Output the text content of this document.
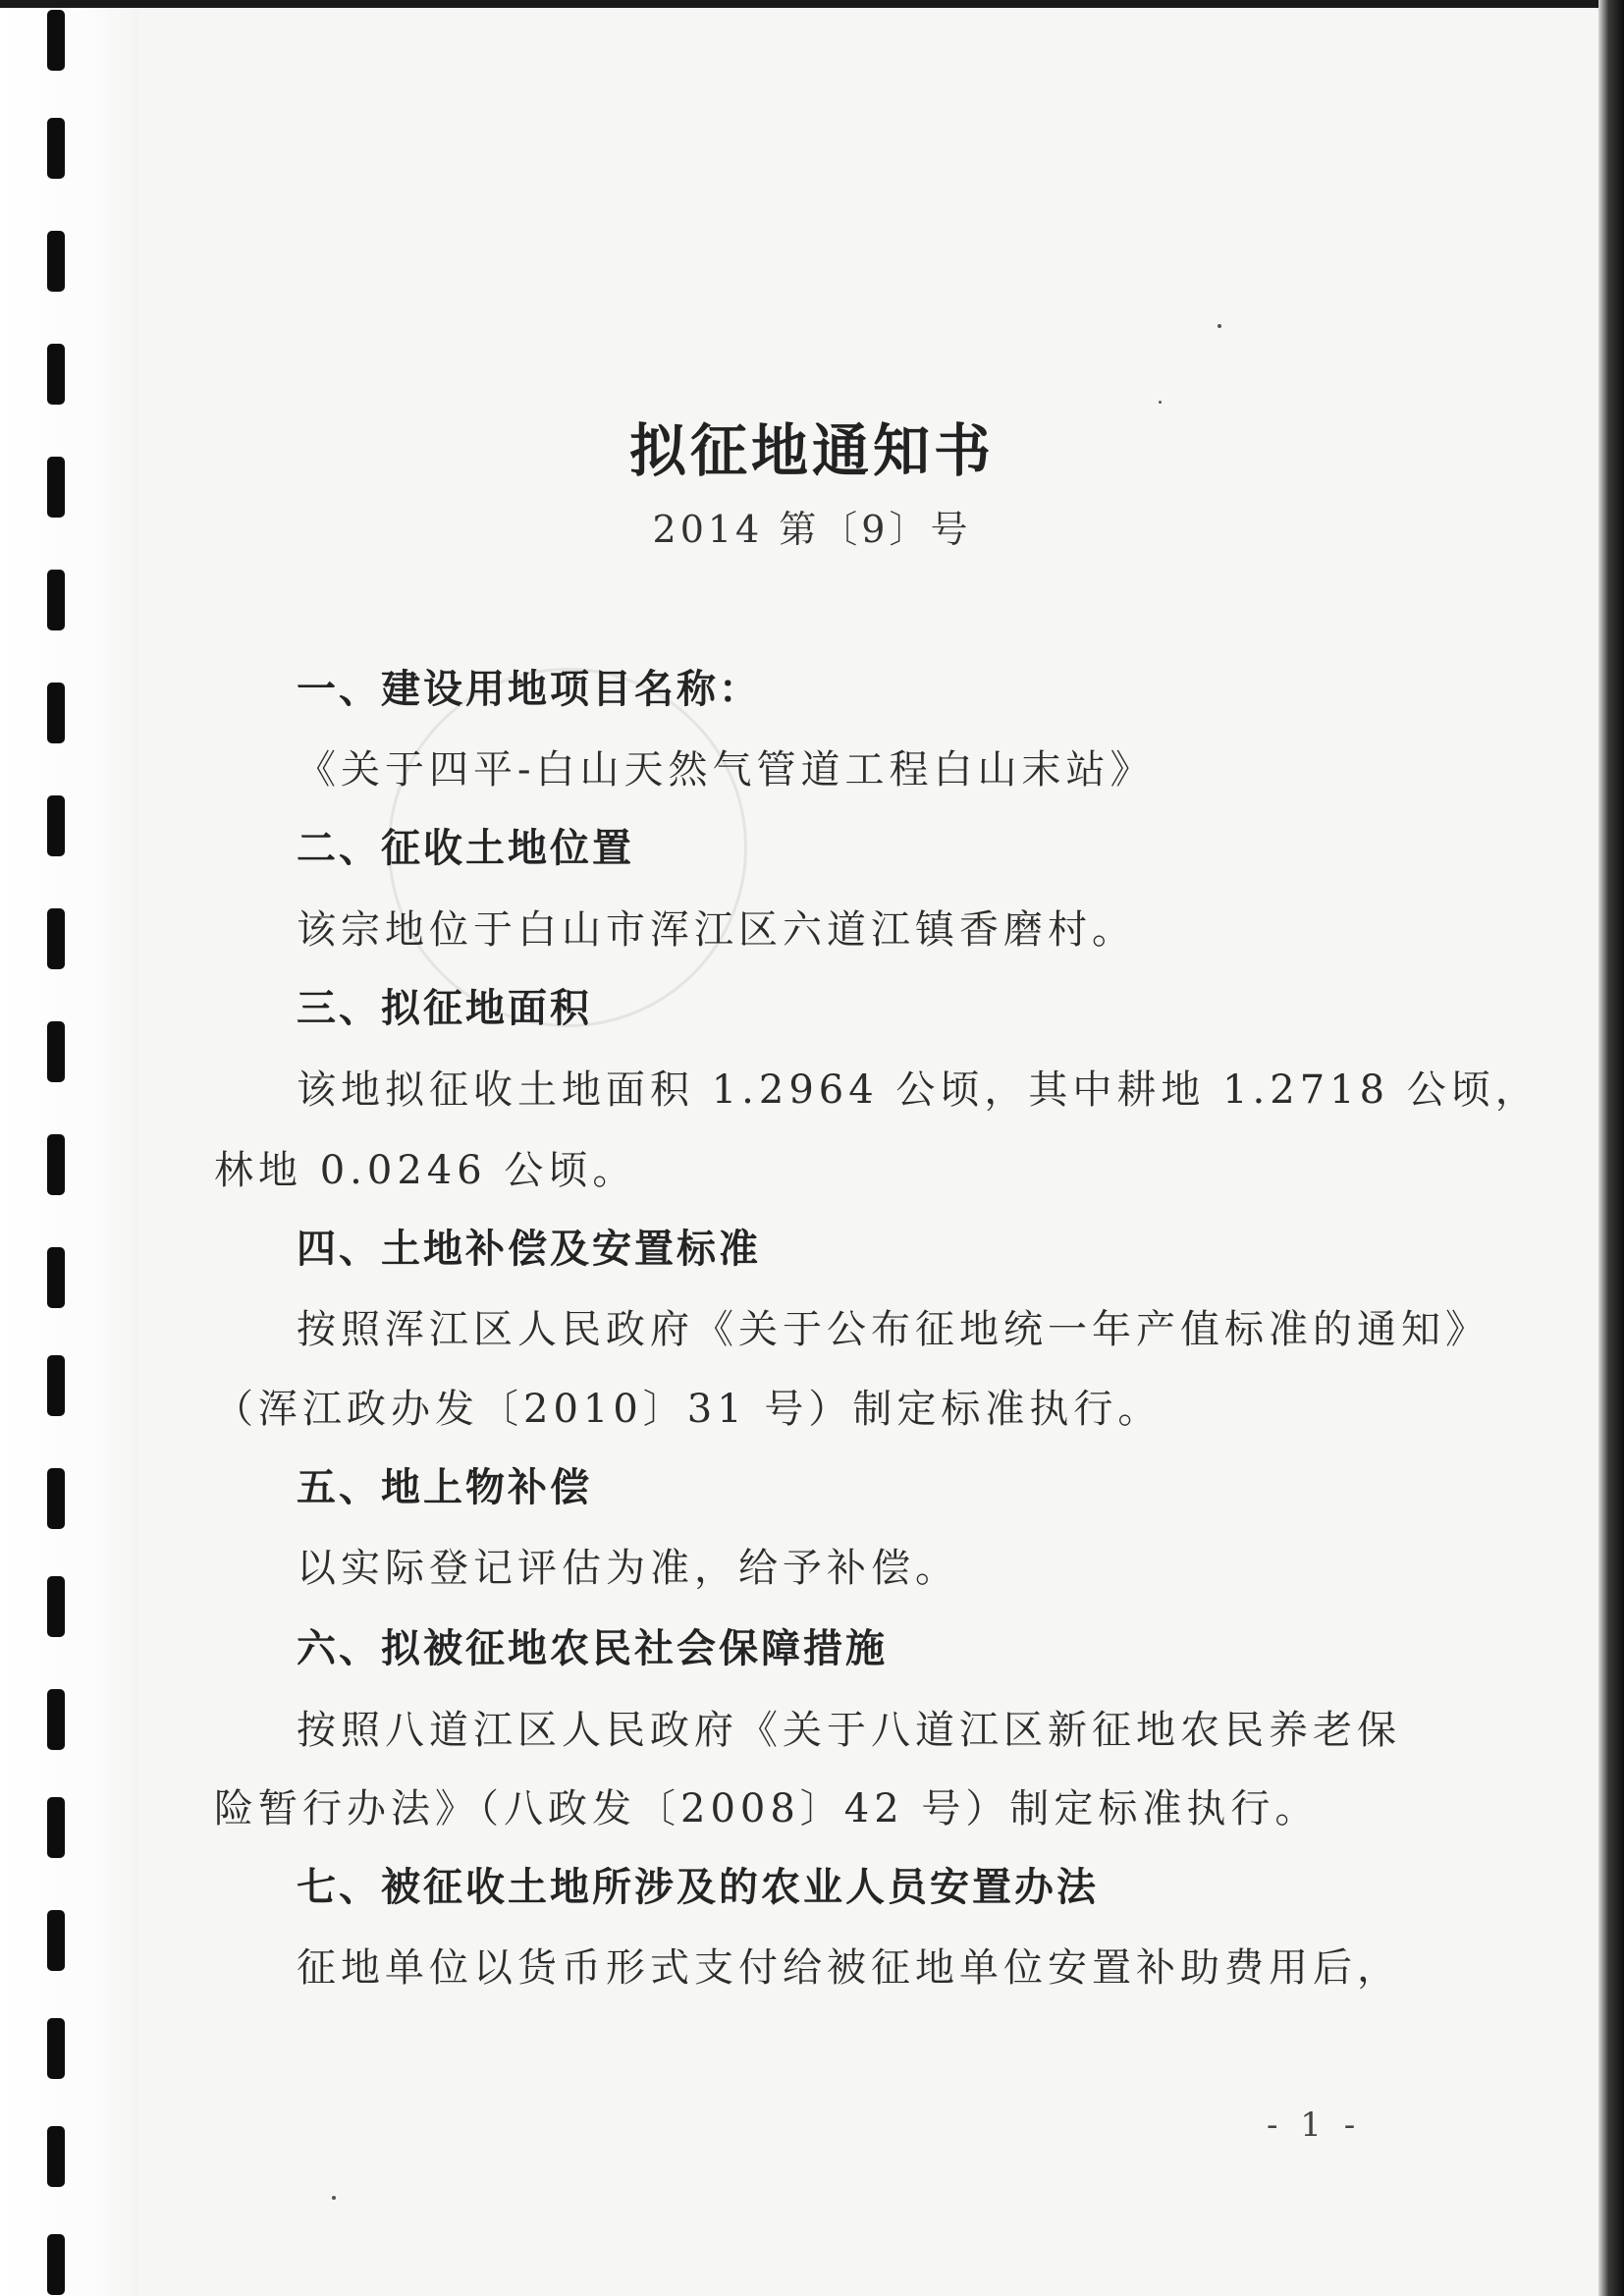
拟征地通知书
2014 第〔9〕号
一、建设用地项目名称：
《关于四平-白山天然气管道工程白山末站》
二、征收土地位置
该宗地位于白山市浑江区六道江镇香磨村。
三、拟征地面积
该地拟征收土地面积 1.2964 公顷，其中耕地 1.2718 公顷，
林地 0.0246 公顷。
四、土地补偿及安置标准
按照浑江区人民政府《关于公布征地统一年产值标准的通知》
（浑江政办发〔2010〕31 号）制定标准执行。
五、地上物补偿
以实际登记评估为准，给予补偿。
六、拟被征地农民社会保障措施
按照八道江区人民政府《关于八道江区新征地农民养老保
险暂行办法》（八政发〔2008〕42 号）制定标准执行。
七、被征收土地所涉及的农业人员安置办法
征地单位以货币形式支付给被征地单位安置补助费用后，
- 1 -
